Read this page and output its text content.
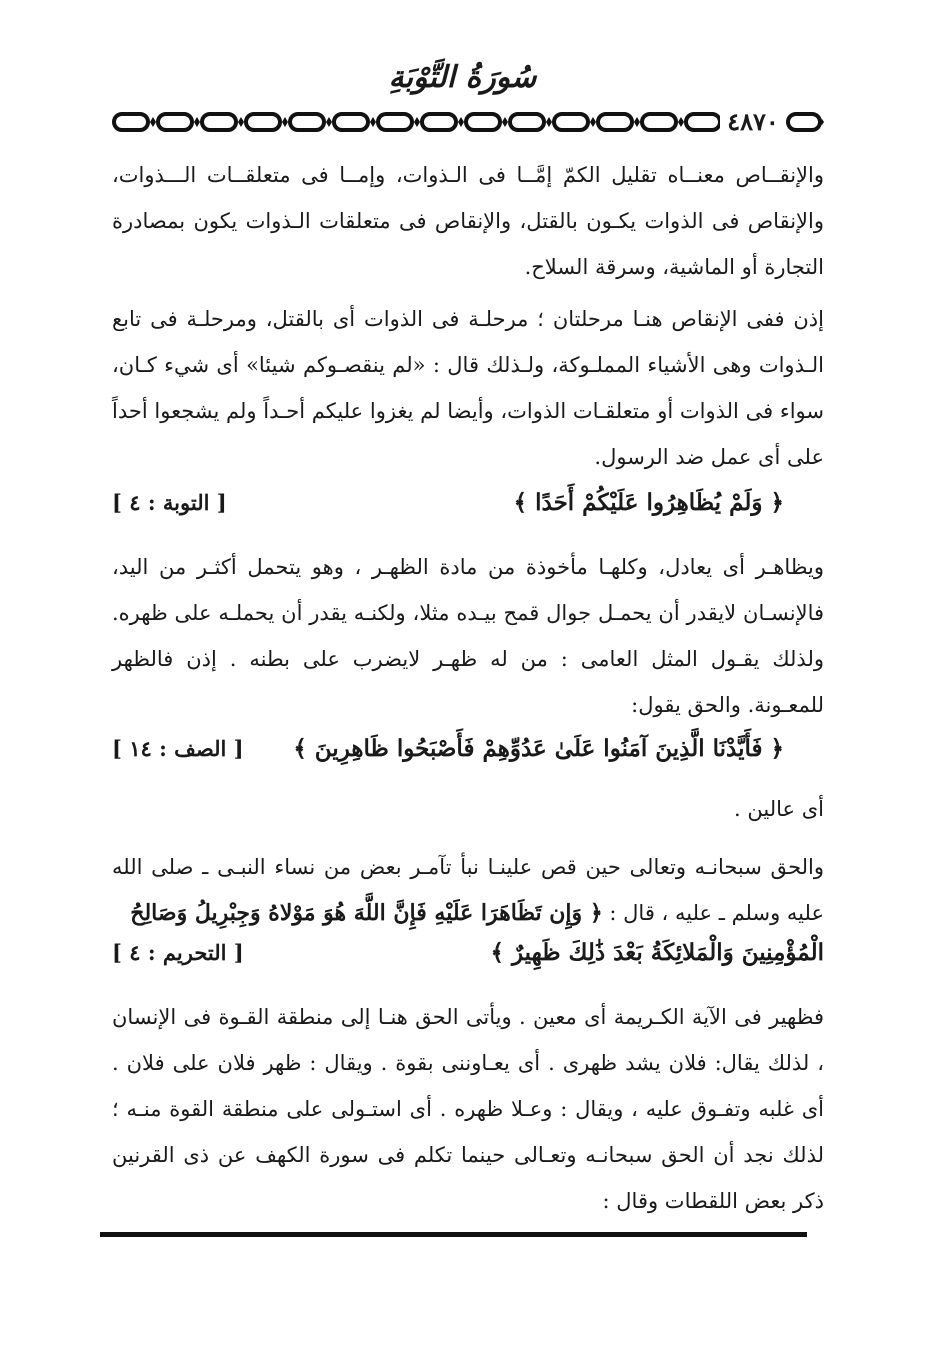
سُورَةُ التَّوْبَةِ
٤٨٧٠
والإنقــاص معنــاه تقليل الكمّ إمَّــا فى الـذوات، وإمــا فى متعلقــات الـــذوات، والإنقاص فى الذوات يكـون بالقتل، والإنقاص فى متعلقات الـذوات يكون بمصادرة التجارة أو الماشية، وسرقة السلاح.
إذن ففى الإنقاص هنـا مرحلتان ؛ مرحلـة فى الذوات أى بالقتل، ومرحلـة فى تابع الـذوات وهى الأشياء المملـوكة، ولـذلك قال : «لم ينقصـوكم شيئا» أى شيء كـان، سواء فى الذوات أو متعلقـات الذوات، وأيضا لم يغزوا عليكم أحـداً ولم يشجعوا أحداً على أى عمل ضد الرسول.
﴿ وَلَمْ يُظَاهِرُوا عَلَيْكُمْ أَحَدًا ﴾
[ التوبة : ٤ ]
ويظاهـر أى يعادل، وكلهـا مأخوذة من مادة الظهـر ، وهو يتحمل أكثـر من اليد، فالإنسـان لايقدر أن يحمـل جوال قمح بيـده مثلا، ولكنـه يقدر أن يحملـه على ظهره. ولذلك يقـول المثل العامى : من له ظهـر لايضرب على بطنه . إذن فالظهر للمعـونة. والحق يقول:
﴿ فَأَيَّدْنَا الَّذِينَ آمَنُوا عَلَىٰ عَدُوِّهِمْ فَأَصْبَحُوا ظَاهِرِينَ ﴾
[ الصف : ١٤ ]
أى عالين .
والحق سبحانـه وتعالى حين قص علينـا نبأ تآمـر بعض من نساء النبـى ـ صلى الله عليه وسلم ـ عليه ، قال : ﴿ وَإِن تَظَاهَرَا عَلَيْهِ فَإِنَّ اللَّهَ هُوَ مَوْلاهُ وَجِبْرِيلُ وَصَالِحُ
الْمُؤْمِنِينَ وَالْمَلائِكَةُ بَعْدَ ذَٰلِكَ ظَهِيرٌ ﴾
[ التحريم : ٤ ]
فظهير فى الآية الكـريمة أى معين . ويأتى الحق هنـا إلى منطقة القـوة فى الإنسان ، لذلك يقال: فلان يشد ظهرى . أى يعـاوننى بقوة . ويقال : ظهر فلان على فلان . أى غلبه وتفـوق عليه ، ويقال : وعـلا ظهره . أى استـولى على منطقة القوة منـه ؛ لذلك نجد أن الحق سبحانـه وتعـالى حينما تكلم فى سورة الكهف عن ذى القرنين ذكر بعض اللقطات وقال :
